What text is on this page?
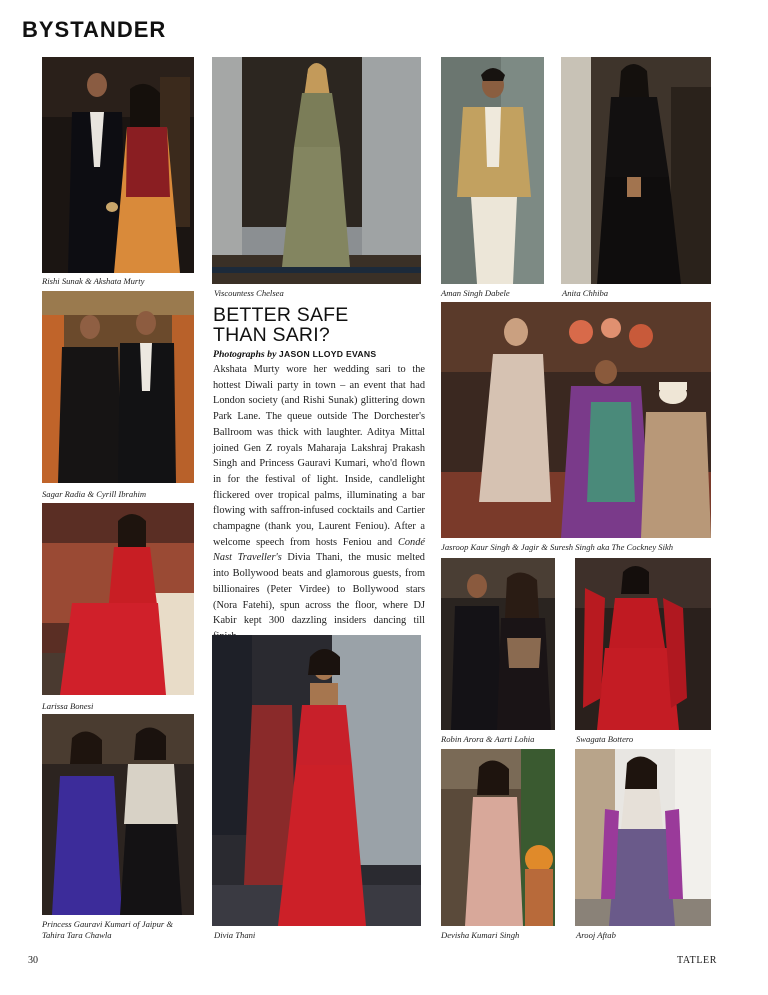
BYSTANDER
Rishi Sunak & Akshata Murty
Viscountess Chelsea	Aman Singh Dabele	Anita Chhiba
BETTER SAFE
THAN SARI?
Photographs by JASON LLOYD EVANS
Akshata Murty wore her wedding sari to the hottest Diwali party in town – an event that had London society (and Rishi Sunak) glittering down Park Lane. The queue outside The Dorchester's Ballroom was thick with laughter. Aditya Mittal joined Gen Z royals Maharaja Lakshraj Prakash Singh and Princess Gauravi Kumari, who'd flown in for the festival of light. Inside, candlelight flickered over tropical palms, illuminating a bar flowing with saffron-infused cocktails and Cartier champagne (thank you, Laurent Feniou). After a welcome speech from hosts Feniou and Condé Nast Traveller's Divia Thani, the music melted into Bollywood beats and glamorous guests, from billionaires (Peter Virdee) to Bollywood stars (Nora Fatehi), spun across the floor, where DJ Kabir kept 300 dazzling insiders dancing till
Sagar Radia & Cyrill Ibrahim
Jasroop Kaur Singh & Jagir & Suresh Singh aka The Cockney Sikh
Larissa Bonesi
Robin Arora & Aarti Lohia	Swagata Bottero
Divia Thani
Princess Gauravi Kumari of Jaipur &
Tahira Tara Chawla	Devisha Kumari Singh	Arooj Aftab
30	TATLER
